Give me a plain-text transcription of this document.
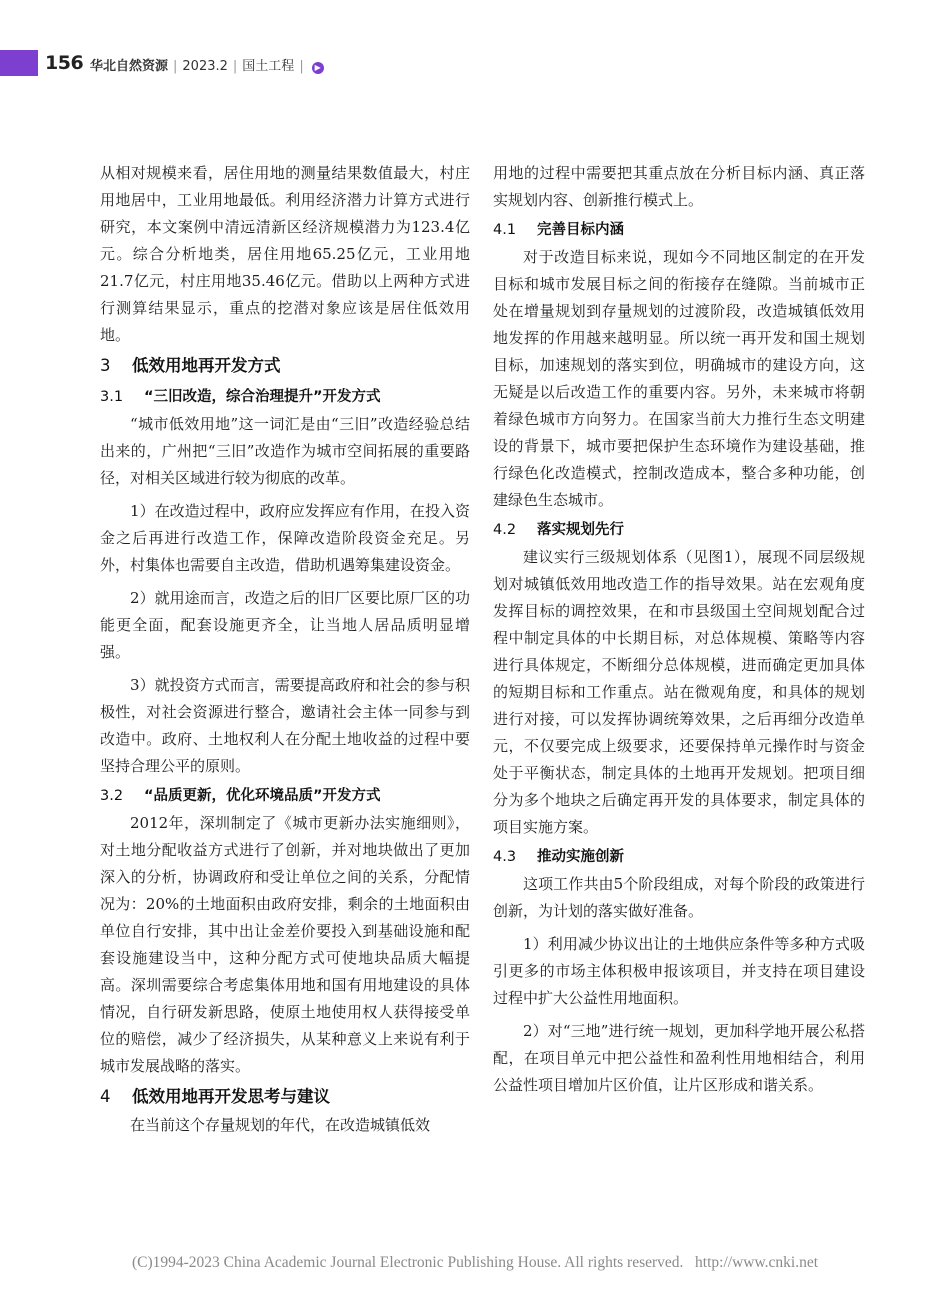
156 华北自然资源 | 2023.2 | 国土工程 | ▶

从相对规模来看，居住用地的测量结果数值最大，村庄用地居中，工业用地最低。利用经济潜力计算方式进行研究，本文案例中清远清新区经济规模潜力为123.4亿元。综合分析地类，居住用地65.25亿元，工业用地21.7亿元，村庄用地35.46亿元。借助以上两种方式进行测算结果显示，重点的挖潜对象应该是居住低效用地。

3 低效用地再开发方式
3.1 “三旧改造，综合治理提升”开发方式

“城市低效用地”这一词汇是由“三旧”改造经验总结出来的，广州把“三旧”改造作为城市空间拓展的重要路径，对相关区域进行较为彻底的改革。

1）在改造过程中，政府应发挥应有作用，在投入资金之后再进行改造工作，保障改造阶段资金充足。另外，村集体也需要自主改造，借助机遇筹集建设资金。

2）就用途而言，改造之后的旧厂区要比原厂区的功能更全面，配套设施更齐全，让当地人居品质明显增强。

3）就投资方式而言，需要提高政府和社会的参与积极性，对社会资源进行整合，邀请社会主体一同参与到改造中。政府、土地权利人在分配土地收益的过程中要坚持合理公平的原则。

3.2 “品质更新，优化环境品质”开发方式

2012年，深圳制定了《城市更新办法实施细则》，对土地分配收益方式进行了创新，并对地块做出了更加深入的分析，协调政府和受让单位之间的关系，分配情况为：20%的土地面积由政府安排，剩余的土地面积由单位自行安排，其中出让金差价要投入到基础设施和配套设施建设当中，这种分配方式可使地块品质大幅提高。深圳需要综合考虑集体用地和国有用地建设的具体情况，自行研发新思路，使原土地使用权人获得接受单位的赔偿，减少了经济损失，从某种意义上来说有利于城市发展战略的落实。

4 低效用地再开发思考与建议

在当前这个存量规划的年代，在改造城镇低效

用地的过程中需要把其重点放在分析目标内涵、真正落实规划内容、创新推行模式上。

4.1 完善目标内涵

对于改造目标来说，现如今不同地区制定的在开发目标和城市发展目标之间的衔接存在缝隙。当前城市正处在增量规划到存量规划的过渡阶段，改造城镇低效用地发挥的作用越来越明显。所以统一再开发和国土规划目标，加速规划的落实到位，明确城市的建设方向，这无疑是以后改造工作的重要内容。另外，未来城市将朝着绿色城市方向努力。在国家当前大力推行生态文明建设的背景下，城市要把保护生态环境作为建设基础，推行绿色化改造模式，控制改造成本，整合多种功能，创建绿色生态城市。

4.2 落实规划先行

建议实行三级规划体系（见图1），展现不同层级规划对城镇低效用地改造工作的指导效果。站在宏观角度发挥目标的调控效果，在和市县级国土空间规划配合过程中制定具体的中长期目标，对总体规模、策略等内容进行具体规定，不断细分总体规模，进而确定更加具体的短期目标和工作重点。站在微观角度，和具体的规划进行对接，可以发挥协调统筹效果，之后再细分改造单元，不仅要完成上级要求，还要保持单元操作时与资金处于平衡状态，制定具体的土地再开发规划。把项目细分为多个地块之后确定再开发的具体要求，制定具体的项目实施方案。

4.3 推动实施创新

这项工作共由5个阶段组成，对每个阶段的政策进行创新，为计划的落实做好准备。

1）利用减少协议出让的土地供应条件等多种方式吸引更多的市场主体积极申报该项目，并支持在项目建设过程中扩大公益性用地面积。

2）对“三地”进行统一规划，更加科学地开展公私搭配，在项目单元中把公益性和盈利性用地相结合，利用公益性项目增加片区价值，让片区形成和谐关系。

(C)1994-2023 China Academic Journal Electronic Publishing House. All rights reserved. http://www.cnki.net
